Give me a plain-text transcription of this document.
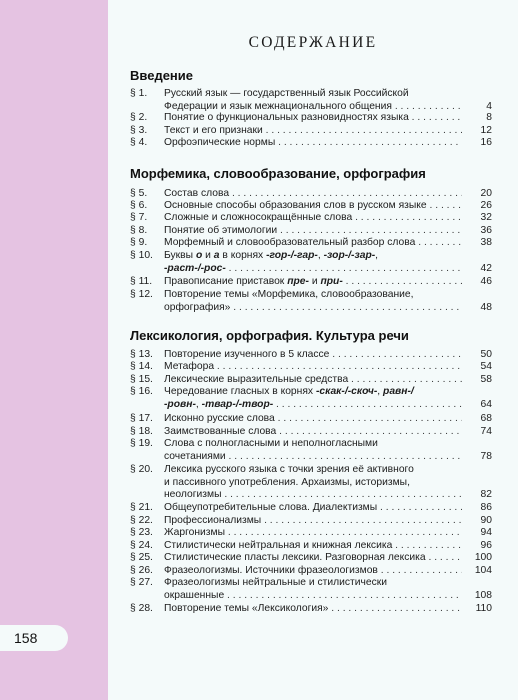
СОДЕРЖАНИЕ
Введение
§ 1. Русский язык — государственный язык Российской
Федерации и язык межнационального общения . . .	4
§ 2. Понятие о функциональных разновидностях языка . . .	8
§ 3. Текст и его признаки . . .	12
§ 4. Орфоэпические нормы . . .	16
Морфемика, словообразование, орфография
§ 5. Состав слова . . .	20
§ 6. Основные способы образования слов в русском языке . . .	26
§ 7. Сложные и сложносокращённые слова . . .	32
§ 8. Понятие об этимологии . . .	36
§ 9. Морфемный и словообразовательный разбор слова . . .	38
§ 10. Буквы о и а в корнях -гор-/-гар-, -зор-/-зар-,
-раст-/-рос- . . .	42
§ 11. Правописание приставок пре- и при- . . .	46
§ 12. Повторение темы «Морфемика, словообразование,
орфография» . . .	48
Лексикология, орфография. Культура речи
§ 13. Повторение изученного в 5 классе . . .	50
§ 14. Метафора . . .	54
§ 15. Лексические выразительные средства . . .	58
§ 16. Чередование гласных в корнях -скак-/-скоч-, равн-/
-ровн-, -твар-/-твор- . . .	64
§ 17. Исконно русские слова . . .	68
§ 18. Заимствованные слова . . .	74
§ 19. Слова с полногласными и неполногласными
сочетаниями . . .	78
§ 20. Лексика русского языка с точки зрения её активного
и пассивного употребления. Архаизмы, историзмы,
неологизмы . . .	82
§ 21. Общеупотребительные слова. Диалектизмы . . .	86
§ 22. Профессионализмы . . .	90
§ 23. Жаргонизмы . . .	94
§ 24. Стилистически нейтральная и книжная лексика . . .	96
§ 25. Стилистические пласты лексики. Разговорная лексика . . .	100
§ 26. Фразеологизмы. Источники фразеологизмов . . .	104
§ 27. Фразеологизмы нейтральные и стилистически
окрашенные . . .	108
§ 28. Повторение темы «Лексикология» . . .	110
158
